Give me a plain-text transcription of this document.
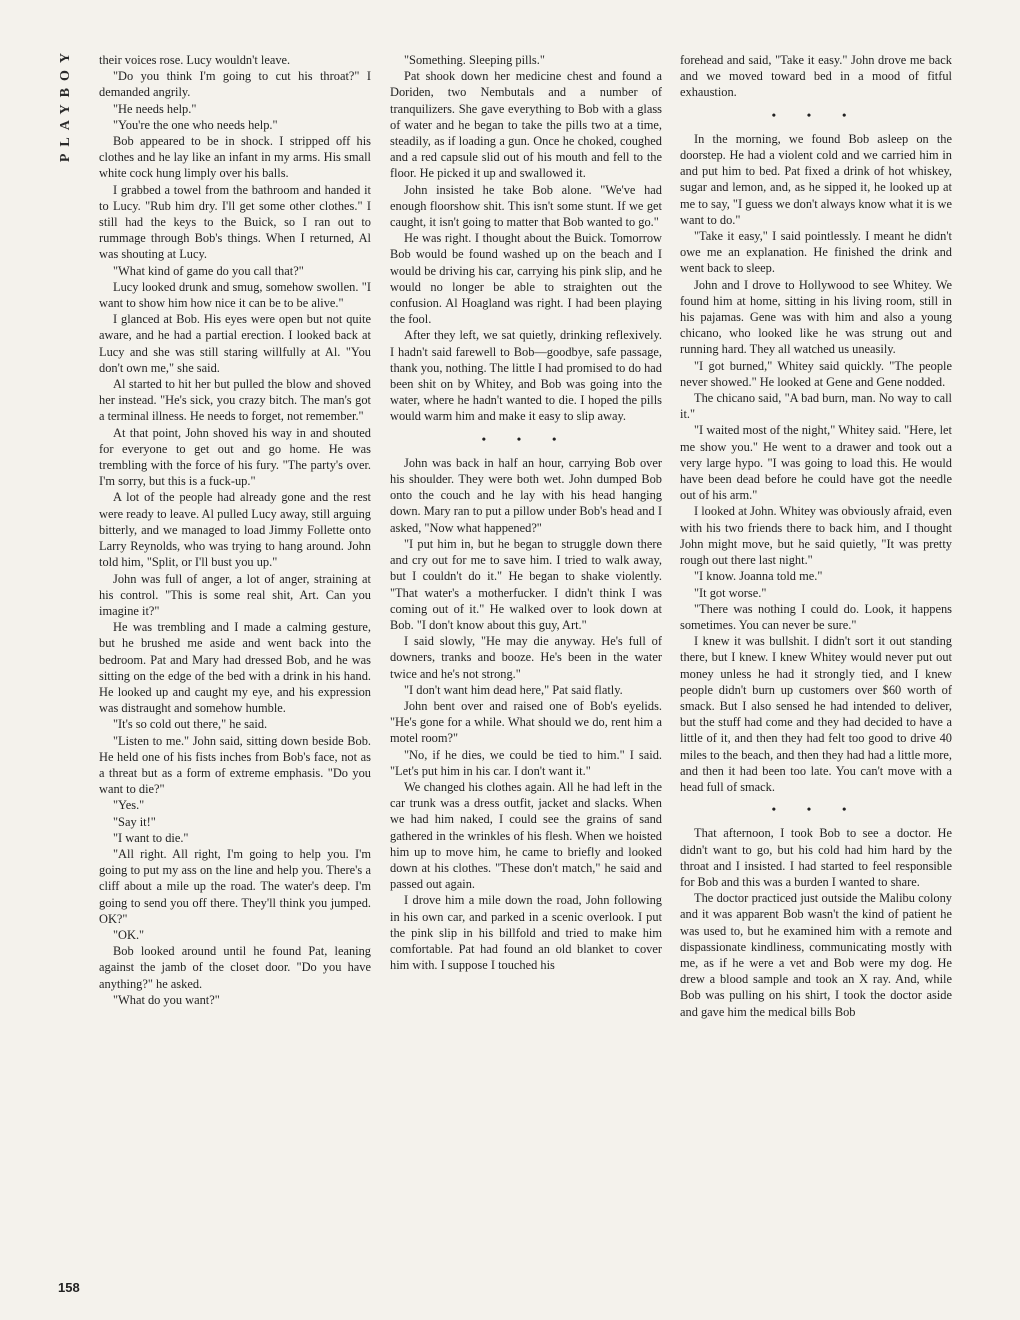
PLAYBOY	their voices rose. Lucy wouldn't leave.

"Do you think I'm going to cut his throat?" I demanded angrily.

"He needs help."

"You're the one who needs help."

Bob appeared to be in shock. I stripped off his clothes and he lay like an infant in my arms. His small white cock hung limply over his balls.

I grabbed a towel from the bathroom and handed it to Lucy. "Rub him dry. I'll get some other clothes." I still had the keys to the Buick, so I ran out to rummage through Bob's things. When I returned, Al was shouting at Lucy.

"What kind of game do you call that?"

Lucy looked drunk and smug, somehow swollen. "I want to show him how nice it can be to be alive."

I glanced at Bob. His eyes were open but not quite aware, and he had a partial erection. I looked back at Lucy and she was still staring willfully at Al. "You don't own me," she said.

Al started to hit her but pulled the blow and shoved her instead. "He's sick, you crazy bitch. The man's got a terminal illness. He needs to forget, not remember."

At that point, John shoved his way in and shouted for everyone to get out and go home. He was trembling with the force of his fury. "The party's over. I'm sorry, but this is a fuck-up."

A lot of the people had already gone and the rest were ready to leave. Al pulled Lucy away, still arguing bitterly, and we managed to load Jimmy Follette onto Larry Reynolds, who was trying to hang around. John told him, "Split, or I'll bust you up."

John was full of anger, a lot of anger, straining at his control. "This is some real shit, Art. Can you imagine it?"

He was trembling and I made a calming gesture, but he brushed me aside and went back into the bedroom. Pat and Mary had dressed Bob, and he was sitting on the edge of the bed with a drink in his hand. He looked up and caught my eye, and his expression was distraught and somehow humble.

"It's so cold out there," he said.

"Listen to me." John said, sitting down beside Bob. He held one of his fists inches from Bob's face, not as a threat but as a form of extreme emphasis. "Do you want to die?"

"Yes."

"Say it!"

"I want to die."

"All right. All right, I'm going to help you. I'm going to put my ass on the line and help you. There's a cliff about a mile up the road. The water's deep. I'm going to send you off there. They'll think you jumped. OK?"

"OK."

Bob looked around until he found Pat, leaning against the jamb of the closet door. "Do you have anything?" he asked.

"What do you want?"

"Something. Sleeping pills."

Pat shook down her medicine chest and found a Doriden, two Nembutals and a number of tranquilizers. She gave everything to Bob with a glass of water and he began to take the pills two at a time, steadily, as if loading a gun. Once he choked, coughed and a red capsule slid out of his mouth and fell to the floor. He picked it up and swallowed it.

John insisted he take Bob alone. "We've had enough floorshow shit. This isn't some stunt. If we get caught, it isn't going to matter that Bob wanted to go."

He was right. I thought about the Buick. Tomorrow Bob would be found washed up on the beach and I would be driving his car, carrying his pink slip, and he would no longer be able to straighten out the confusion. Al Hoagland was right. I had been playing the fool.

After they left, we sat quietly, drinking reflexively. I hadn't said farewell to Bob—goodbye, safe passage, thank you, nothing. The little I had promised to do had been shit on by Whitey, and Bob was going into the water, where he hadn't wanted to die. I hoped the pills would warm him and make it easy to slip away.

• • •

John was back in half an hour, carrying Bob over his shoulder. They were both wet. John dumped Bob onto the couch and he lay with his head hanging down. Mary ran to put a pillow under Bob's head and I asked, "Now what happened?"

"I put him in, but he began to struggle down there and cry out for me to save him. I tried to walk away, but I couldn't do it." He began to shake violently. "That water's a motherfucker. I didn't think I was coming out of it." He walked over to look down at Bob. "I don't know about this guy, Art."

I said slowly, "He may die anyway. He's full of downers, tranks and booze. He's been in the water twice and he's not strong."

"I don't want him dead here," Pat said flatly.

John bent over and raised one of Bob's eyelids. "He's gone for a while. What should we do, rent him a motel room?"

"No, if he dies, we could be tied to him." I said. "Let's put him in his car. I don't want it."

We changed his clothes again. All he had left in the car trunk was a dress outfit, jacket and slacks. When we had him naked, I could see the grains of sand gathered in the wrinkles of his flesh. When we hoisted him up to move him, he came to briefly and looked down at his clothes. "These don't match," he said and passed out again.

I drove him a mile down the road, John following in his own car, and parked in a scenic overlook. I put the pink slip in his billfold and tried to make him comfortable. Pat had found an old blanket to cover him with. I suppose I touched his

forehead and said, "Take it easy." John drove me back and we moved toward bed in a mood of fitful exhaustion.

• • •

In the morning, we found Bob asleep on the doorstep. He had a violent cold and we carried him in and put him to bed. Pat fixed a drink of hot whiskey, sugar and lemon, and, as he sipped it, he looked up at me to say, "I guess we don't always know what it is we want to do."

"Take it easy," I said pointlessly. I meant he didn't owe me an explanation. He finished the drink and went back to sleep.

John and I drove to Hollywood to see Whitey. We found him at home, sitting in his living room, still in his pajamas. Gene was with him and also a young chicano, who looked like he was strung out and running hard. They all watched us uneasily.

"I got burned," Whitey said quickly. "The people never showed." He looked at Gene and Gene nodded.

The chicano said, "A bad burn, man. No way to call it."

"I waited most of the night," Whitey said. "Here, let me show you." He went to a drawer and took out a very large hypo. "I was going to load this. He would have been dead before he could have got the needle out of his arm."

I looked at John. Whitey was obviously afraid, even with his two friends there to back him, and I thought John might move, but he said quietly, "It was pretty rough out there last night."

"I know. Joanna told me."

"It got worse."

"There was nothing I could do. Look, it happens sometimes. You can never be sure."

I knew it was bullshit. I didn't sort it out standing there, but I knew. I knew Whitey would never put out money unless he had it strongly tied, and I knew people didn't burn up customers over $60 worth of smack. But I also sensed he had intended to deliver, but the stuff had come and they had decided to have a little of it, and then they had felt too good to drive 40 miles to the beach, and then they had had a little more, and then it had been too late. You can't move with a head full of smack.

• • •

That afternoon, I took Bob to see a doctor. He didn't want to go, but his cold had him hard by the throat and I insisted. I had started to feel responsible for Bob and this was a burden I wanted to share.

The doctor practiced just outside the Malibu colony and it was apparent Bob wasn't the kind of patient he was used to, but he examined him with a remote and dispassionate kindliness, communicating mostly with me, as if he were a vet and Bob were my dog. He drew a blood sample and took an X ray. And, while Bob was pulling on his shirt, I took the doctor aside and gave him the medical bills Bob

158
